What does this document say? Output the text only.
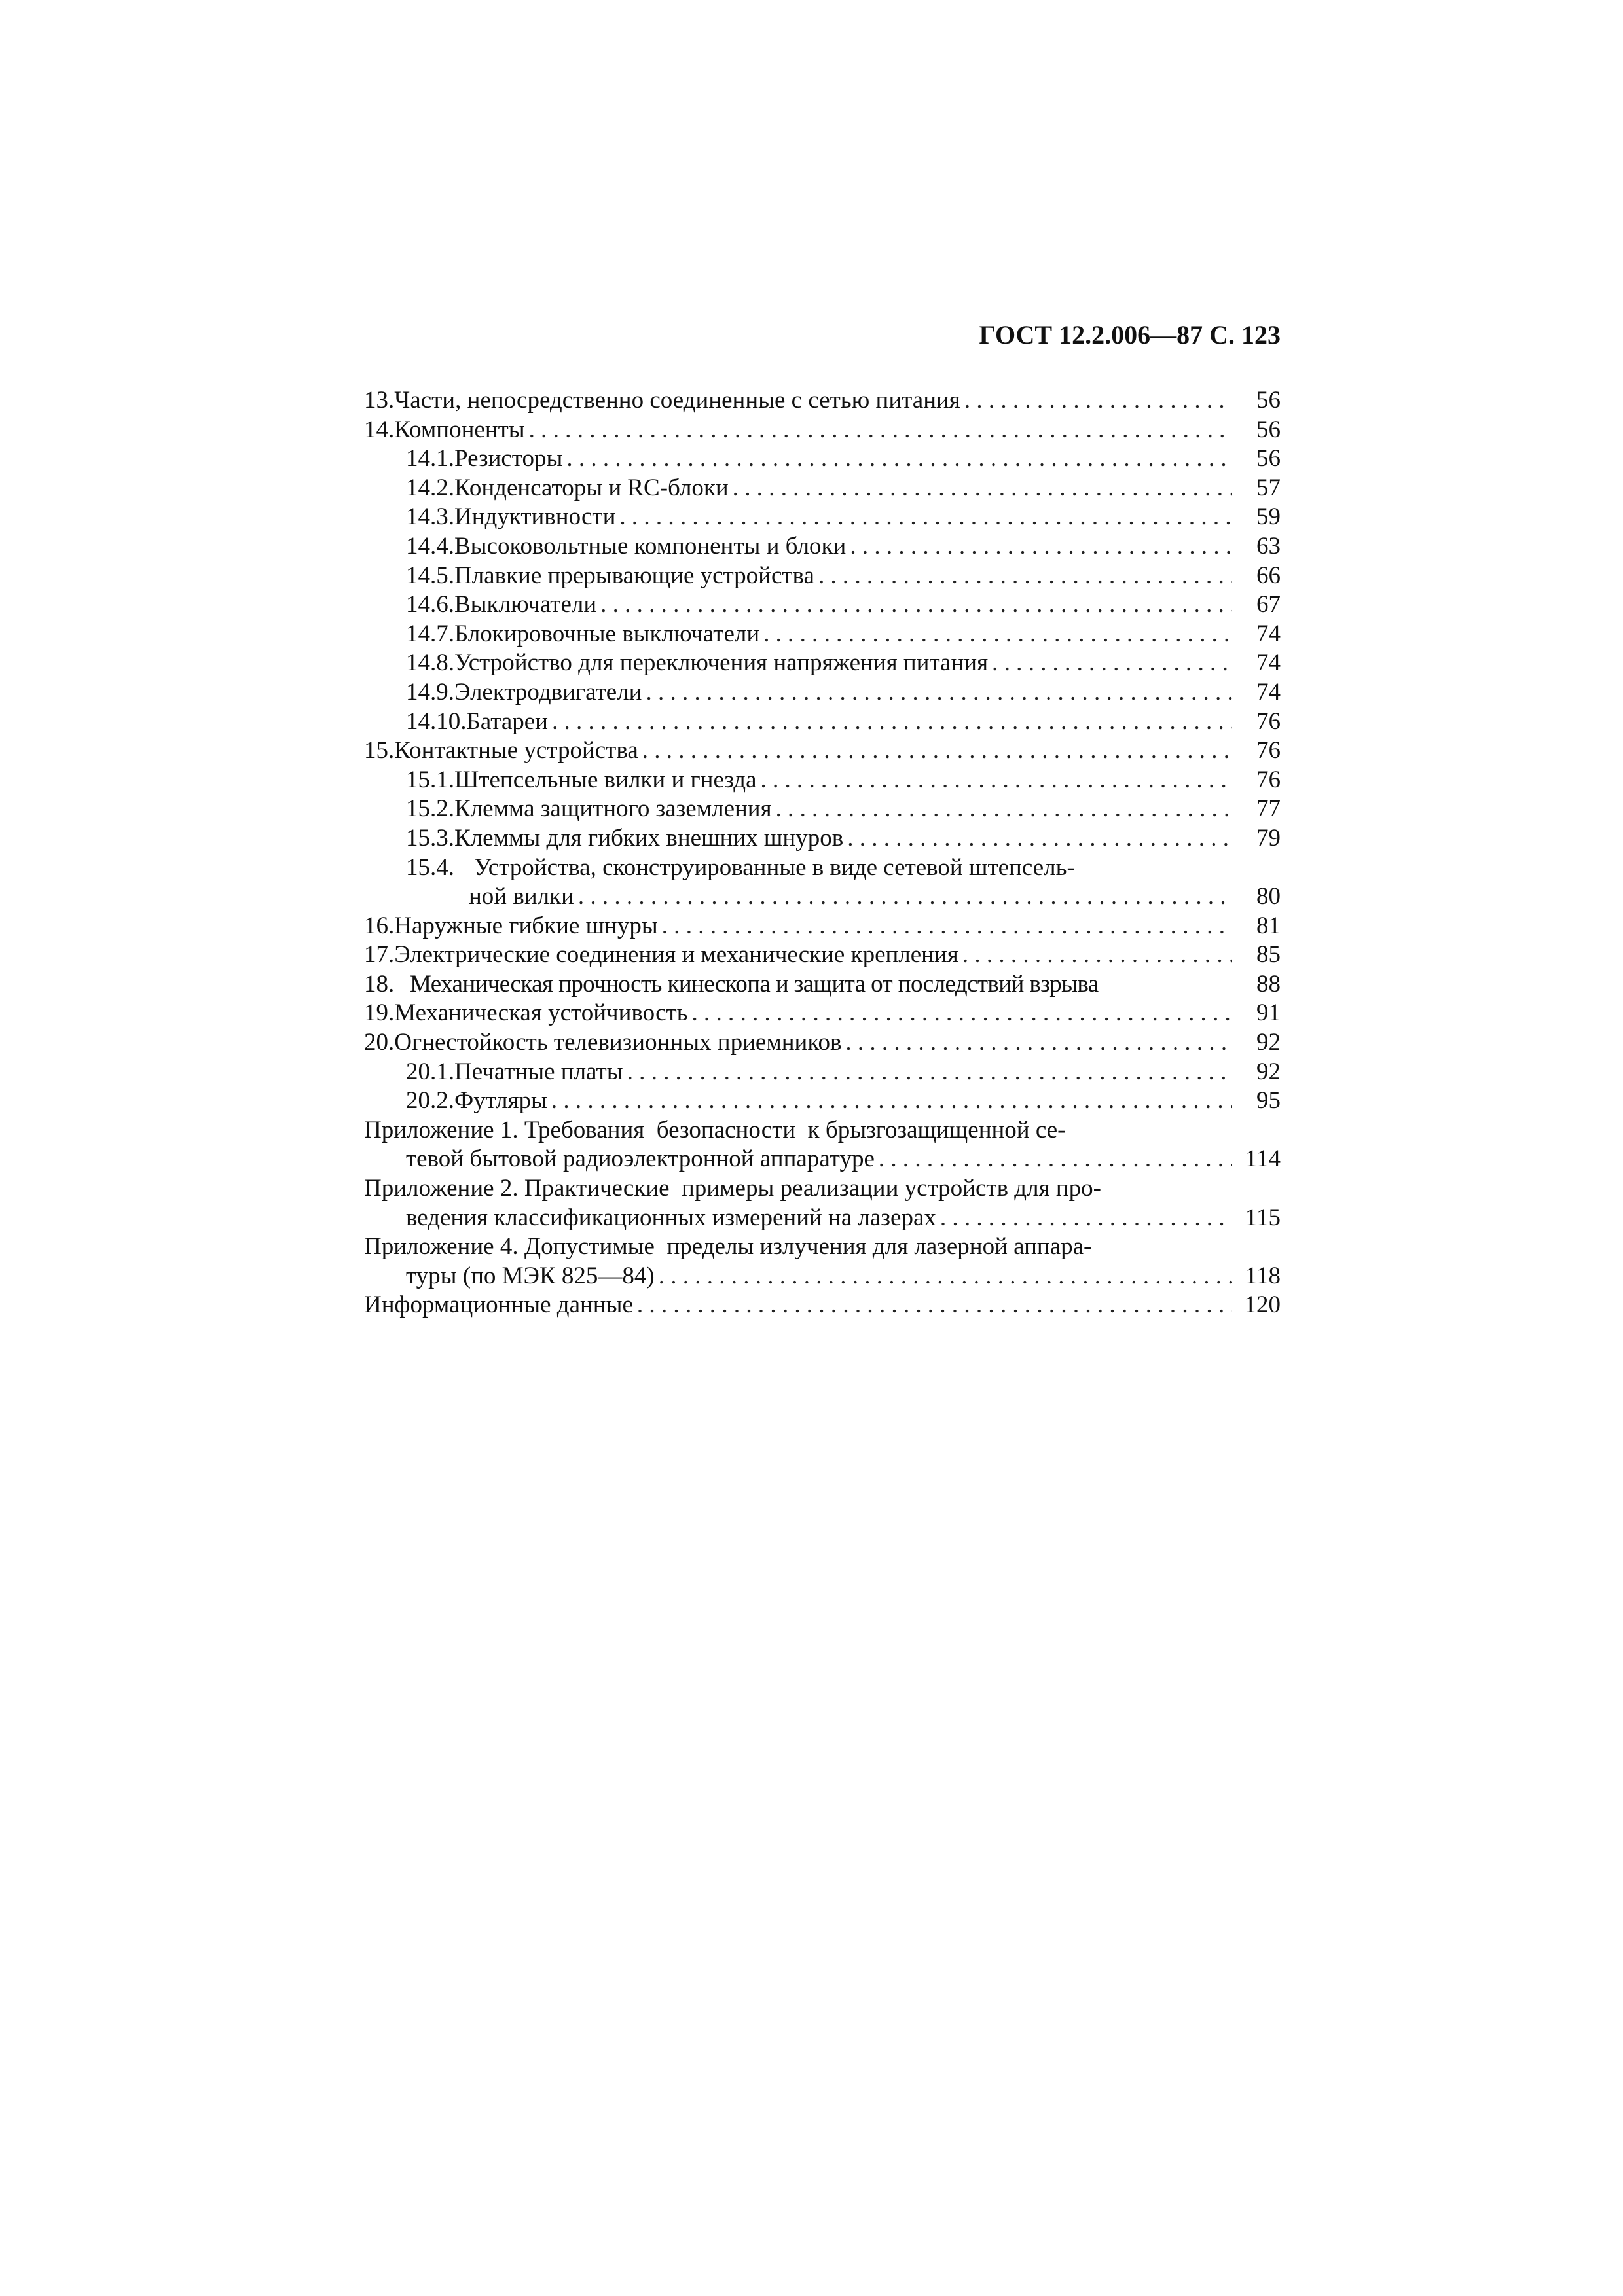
ГОСТ 12.2.006—87 С. 123
13. Части, непосредственно соединенные с сетью питания . . .	56
14. Компоненты . . .	56
14.1. Резисторы . . .	56
14.2. Конденсаторы и RC-блоки . . .	57
14.3. Индуктивности . . .	59
14.4. Высоковольтные компоненты и блоки . . .	63
14.5. Плавкие прерывающие устройства . . .	66
14.6. Выключатели . . .	67
14.7. Блокировочные выключатели . . .	74
14.8. Устройство для переключения напряжения питания . . .	74
14.9. Электродвигатели . . .	74
14.10. Батареи . . .	76
15. Контактные устройства . . .	76
15.1. Штепсельные вилки и гнезда . . .	76
15.2. Клемма защитного заземления . . .	77
15.3. Клеммы для гибких внешних шнуров . . .	79
15.4. Устройства, сконструированные в виде сетевой штепсель-
ной вилки . . .	80
16. Наружные гибкие шнуры . . .	81
17. Электрические соединения и механические крепления . . .	85
18. Механическая прочность кинескопа и защита от последствий взрыва	88
19. Механическая устойчивость . . .	91
20. Огнестойкость телевизионных приемников . . .	92
20.1. Печатные платы . . .	92
20.2. Футляры . . .	95
Приложение 1. Требования  безопасности  к брызгозащищенной се-
тевой бытовой радиоэлектронной аппаратуре . . .	114
Приложение 2. Практические  примеры реализации устройств для про-
ведения классификационных измерений на лазерах . . .	115
Приложение 4. Допустимые  пределы излучения для лазерной аппара-
туры (по МЭК 825—84) . . .	118
Информационные данные . . .	120
